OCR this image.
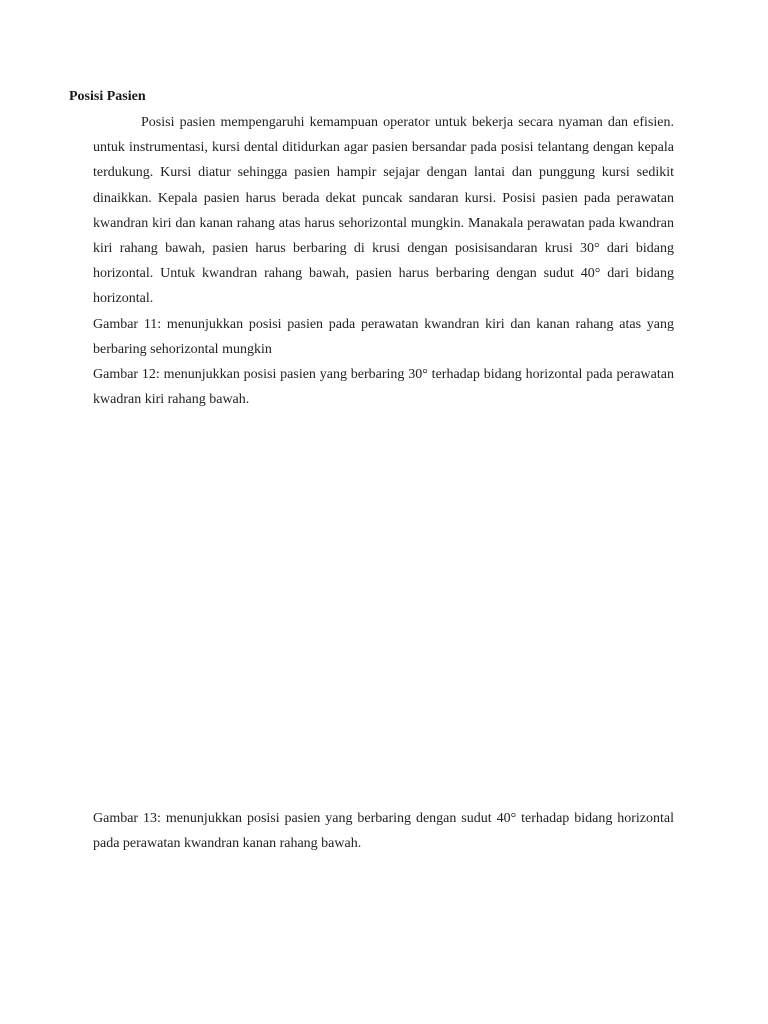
Posisi Pasien

Posisi pasien mempengaruhi kemampuan operator untuk bekerja secara nyaman dan efisien. untuk instrumentasi, kursi dental ditidurkan agar pasien bersandar pada posisi telantang dengan kepala terdukung. Kursi diatur sehingga pasien hampir sejajar dengan lantai dan punggung kursi sedikit dinaikkan. Kepala pasien harus berada dekat puncak sandaran kursi. Posisi pasien pada perawatan kwandran kiri dan kanan rahang atas harus sehorizontal mungkin. Manakala perawatan pada kwandran kiri rahang bawah, pasien harus berbaring di krusi dengan posisisandaran krusi 30° dari bidang horizontal. Untuk kwandran rahang bawah, pasien harus berbaring dengan sudut 40° dari bidang horizontal.

Gambar 11: menunjukkan posisi pasien pada perawatan kwandran kiri dan kanan rahang atas yang berbaring sehorizontal mungkin

Gambar 12: menunjukkan posisi pasien yang berbaring 30° terhadap bidang horizontal pada perawatan kwadran kiri rahang bawah.

Gambar 13: menunjukkan posisi pasien yang berbaring dengan sudut 40° terhadap bidang horizontal pada perawatan kwandran kanan rahang bawah.
